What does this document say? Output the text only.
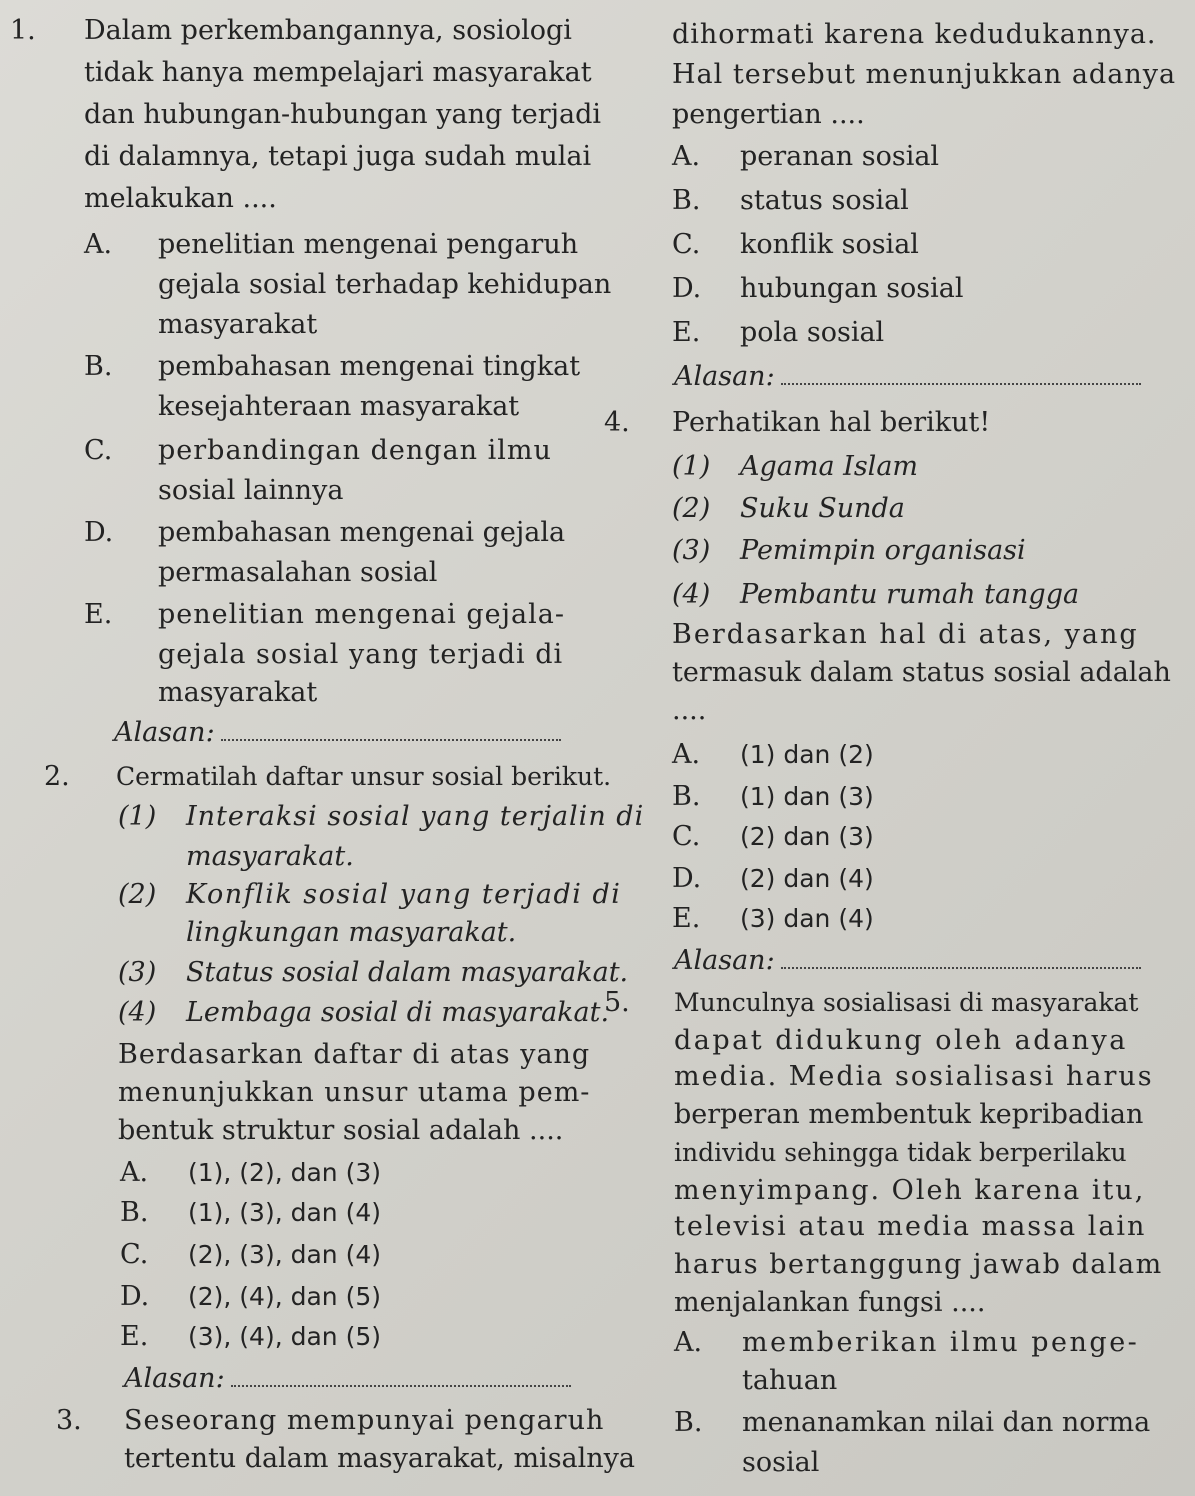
1. Dalam perkembangannya, sosiologi
tidak hanya mempelajari masyarakat
dan hubungan-hubungan yang terjadi
di dalamnya, tetapi juga sudah mulai
melakukan ....
A. penelitian mengenai pengaruh
gejala sosial terhadap kehidupan
masyarakat
B. pembahasan mengenai tingkat
kesejahteraan masyarakat
C. perbandingan dengan ilmu
sosial lainnya
D. pembahasan mengenai gejala
permasalahan sosial
E. penelitian mengenai gejala-
gejala sosial yang terjadi di
masyarakat
Alasan:
2. Cermatilah daftar unsur sosial berikut.
(1) Interaksi sosial yang terjalin di
masyarakat.
(2) Konflik sosial yang terjadi di
lingkungan masyarakat.
(3) Status sosial dalam masyarakat.
(4) Lembaga sosial di masyarakat.
Berdasarkan daftar di atas yang
menunjukkan unsur utama pem-
bentuk struktur sosial adalah ....
A. (1), (2), dan (3)
B. (1), (3), dan (4)
C. (2), (3), dan (4)
D. (2), (4), dan (5)
E. (3), (4), dan (5)
Alasan:
3. Seseorang mempunyai pengaruh
tertentu dalam masyarakat, misalnya
dihormati karena kedudukannya.
Hal tersebut menunjukkan adanya
pengertian ....
A. peranan sosial
B. status sosial
C. konflik sosial
D. hubungan sosial
E. pola sosial
Alasan:
4. Perhatikan hal berikut!
(1) Agama Islam
(2) Suku Sunda
(3) Pemimpin organisasi
(4) Pembantu rumah tangga
Berdasarkan hal di atas, yang
termasuk dalam status sosial adalah
....
A. (1) dan (2)
B. (1) dan (3)
C. (2) dan (3)
D. (2) dan (4)
E. (3) dan (4)
Alasan:
5. Munculnya sosialisasi di masyarakat
dapat didukung oleh adanya
media. Media sosialisasi harus
berperan membentuk kepribadian
individu sehingga tidak berperilaku
menyimpang. Oleh karena itu,
televisi atau media massa lain
harus bertanggung jawab dalam
menjalankan fungsi ....
A. memberikan ilmu penge-
tahuan
B. menanamkan nilai dan norma
sosial
